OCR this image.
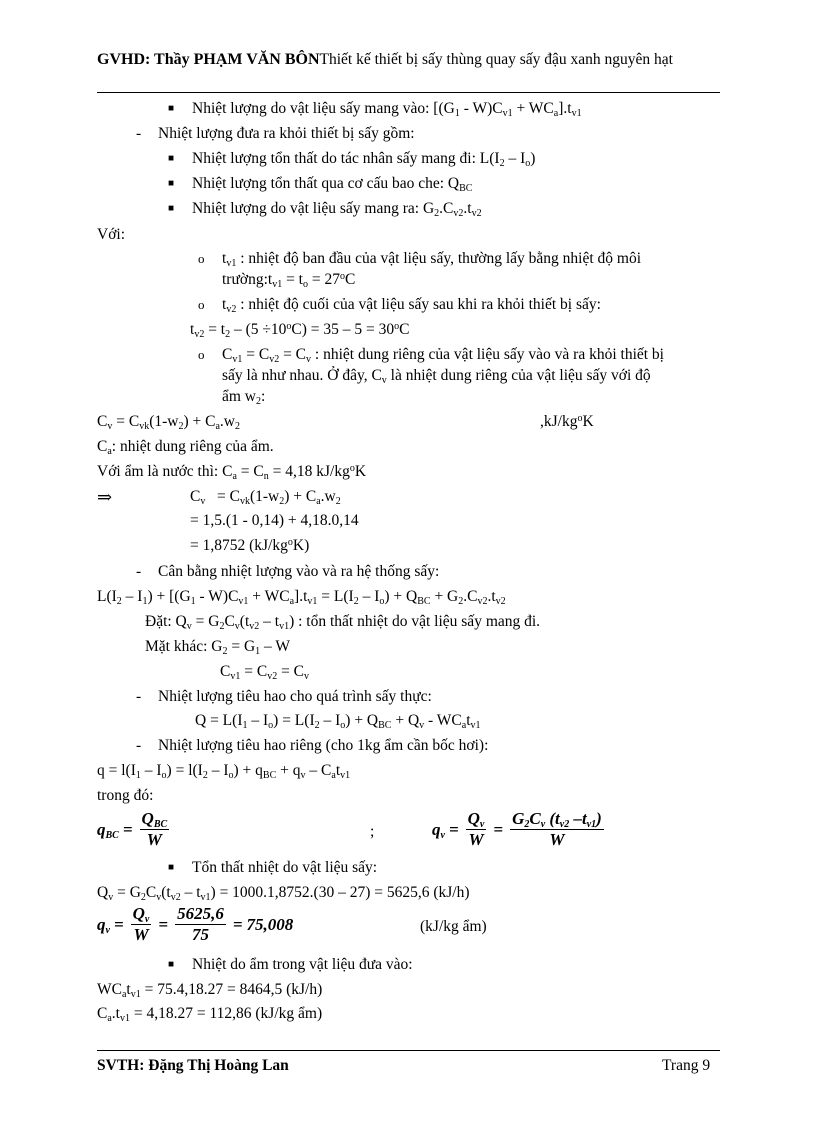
GVHD: Thầy PHẠM VĂN BÔNThiết kế thiết bị sấy thùng quay sấy đậu xanh nguyên hạt
■ Nhiệt lượng do vật liệu sấy mang vào: $[(G_1 - W)C_{v1} + WC_a].t_{v1}$
- Nhiệt lượng đưa ra khỏi thiết bị sấy gồm:
■ Nhiệt lượng tổn thất do tác nhân sấy mang đi: $L(I_2 - I_o)$
■ Nhiệt lượng tổn thất qua cơ cấu bao che: $Q_{BC}$
■ Nhiệt lượng do vật liệu sấy mang ra: $G_2.C_{v2}.t_{v2}$
Với:
o $t_{v1}$ : nhiệt độ ban đầu của vật liệu sấy, thường lấy bằng nhiệt độ môi
$trường:t_{v1} = t_o = 27^oC$
o $t_{v2}$ : nhiệt độ cuối của vật liệu sấy sau khi ra khỏi thiết bị sấy:
$t_{v2} = t_2 - (5 \div 10^oC) = 35 - 5 = 30^oC$
o $C_{v1} = C_{v2} = C_v$ : nhiệt dung riêng của vật liệu sấy vào và ra khỏi thiết bị
sấy là như nhau. Ở đây, $C_v$ là nhiệt dung riêng của vật liệu sấy với độ
ẩm $w_2$:
$C_v = C_{vk}(1-w_2) + C_a.w_2$	$,kJ/kg^oK$
$C_a$: nhiệt dung riêng của ẩm.
Với ẩm là nước thì: $C_a = C_n = 4,18$ $kJ/kg^oK$
⇒	$C_v = C_{vk}(1-w_2) + C_a.w_2$
= 1,5.(1 - 0,14) + 4,18.0,14
= 1,8752 $(kJ/kg^oK)$
- Cân bằng nhiệt lượng vào và ra hệ thống sấy:
$L(I_2 - I_1) + [(G_1 - W)C_{v1} + WC_a].t_{v1} = L(I_2 - I_o) + Q_{BC} + G_2.C_{v2}.t_{v2}$
Đặt: $Q_v = G_2C_v(t_{v2} - t_{v1})$ : tổn thất nhiệt do vật liệu sấy mang đi.
Mặt khác: $G_2 = G_1 - W$
$C_{v1} = C_{v2} = C_v$
- Nhiệt lượng tiêu hao cho quá trình sấy thực:
$Q = L(I_1 - I_o) = L(I_2 - I_o) + Q_{BC} + Q_v - WC_at_{v1}$
- Nhiệt lượng tiêu hao riêng (cho 1kg ẩm cần bốc hơi):
$q = l(I_1 - I_o) = l(I_2 - I_o) + q_{BC} + q_v - C_at_{v1}$
trong đó:
$q_{BC} = \frac{Q_{BC}}{W}$	;	$q_v = \frac{Q_v}{W} = \frac{G_2C_v (t_{v2} -t_{v1})}{W}$
■ Tổn thất nhiệt do vật liệu sấy:
$Q_v = G_2C_v(t_{v2} - t_{v1}) = 1000.1,8752.(30 - 27) = 5625,6$ (kJ/h)
$q_v = \frac{Q_v}{W} = \frac{5625,6}{75} = 75,008$	(kJ/kg ẩm)
■ Nhiệt do ẩm trong vật liệu đưa vào:
$WC_at_{v1} = 75.4,18.27 = 8464,5$ (kJ/h)
$C_a.t_{v1} = 4,18.27 = 112,86$ (kJ/kg ẩm)
SVTH: Đặng Thị Hoàng Lan	Trang 9
